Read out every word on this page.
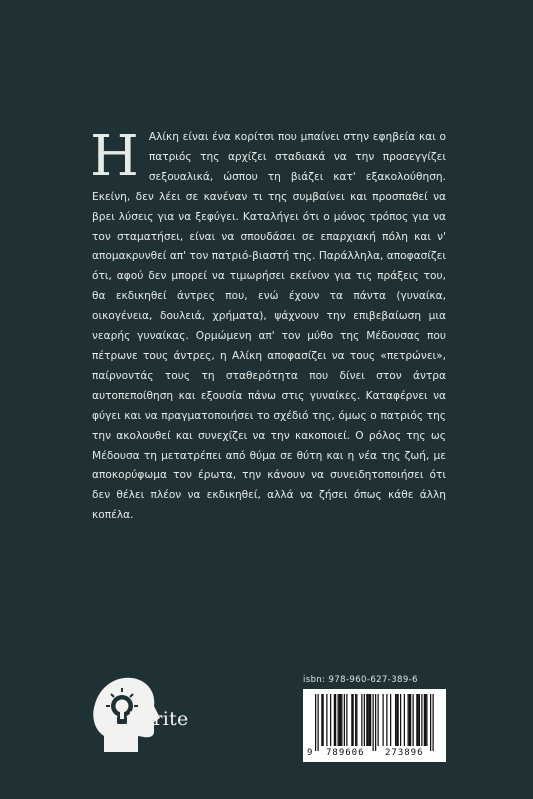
Η Αλίκη είναι ένα κορίτσι που μπαίνει στην εφηβεία και ο πατριός της αρχίζει σταδιακά να την προσεγγίζει σεξουαλικά, ώσπου τη βιάζει κατ' εξακολούθηση. Εκείνη, δεν λέει σε κανέναν τι της συμβαίνει και προσπαθεί να βρει λύσεις για να ξεφύγει. Καταλήγει ότι ο μόνος τρόπος για να τον σταματήσει, είναι να σπουδάσει σε επαρχιακή πόλη και ν' απομακρυνθεί απ' τον πατριό-βιαστή της. Παράλληλα, αποφασίζει ότι, αφού δεν μπορεί να τιμωρήσει εκείνον για τις πράξεις του, θα εκδικηθεί άντρες που, ενώ έχουν τα πάντα (γυναίκα, οικογένεια, δουλειά, χρήματα), ψάχνουν την επιβεβαίωση μια νεαρής γυναίκας. Ορμώμενη απ' τον μύθο της Μέδουσας που πέτρωνε τους άντρες, η Αλίκη αποφασίζει να τους «πετρώνει», παίρνοντάς τους τη σταθερότητα που δίνει στον άντρα αυτοπεποίθηση και εξουσία πάνω στις γυναίκες. Καταφέρνει να φύγει και να πραγματοποιήσει το σχέδιό της, όμως ο πατριός της την ακολουθεί και συνεχίζει να την κακοποιεί. Ο ρόλος της ως Μέδουσα τη μετατρέπει από θύμα σε θύτη και η νέα της ζωή, με αποκορύφωμα τον έρωτα, την κάνουν να συνειδητοποιήσει ότι δεν θέλει πλέον να εκδικηθεί, αλλά να ζήσει όπως κάθε άλλη κοπέλα.
iWrite
isbn: 978-960-627-389-6
9 789606 273896
